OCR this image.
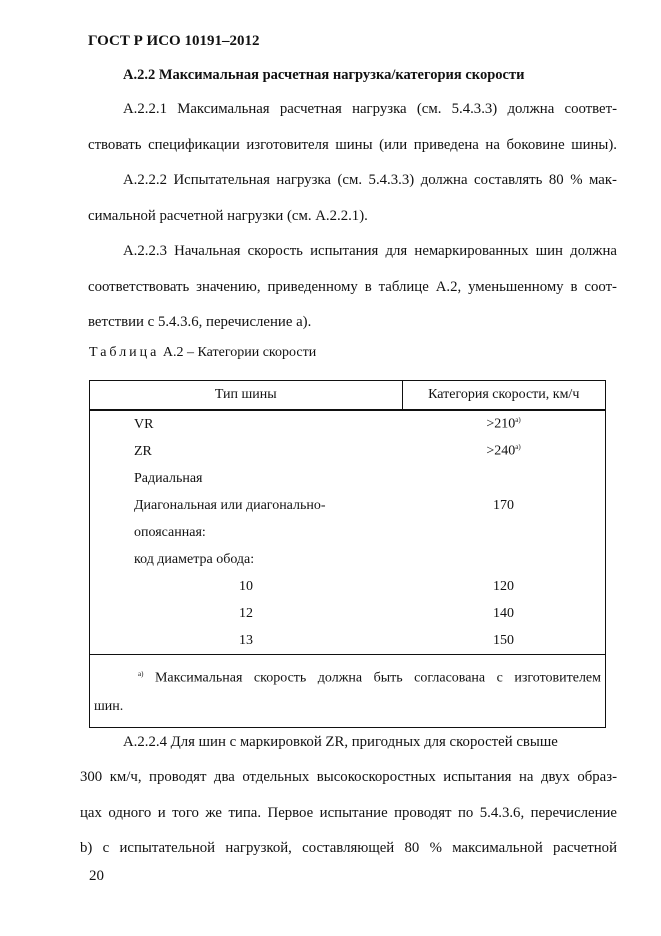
ГОСТ Р ИСО 10191–2012
А.2.2 Максимальная расчетная нагрузка/категория скорости
А.2.2.1 Максимальная расчетная нагрузка (см. 5.4.3.3) должна соответ-
ствовать спецификации изготовителя шины (или приведена на боковине шины).
А.2.2.2 Испытательная нагрузка (см. 5.4.3.3) должна составлять 80 % мак-
симальной расчетной нагрузки (см. А.2.2.1).
А.2.2.3 Начальная скорость испытания для немаркированных шин должна
соответствовать значению, приведенному в таблице А.2, уменьшенному в соот-
ветствии с 5.4.3.6, перечисление а).
Таблица А.2 – Категории скорости
Тип шины	Категория скорости, км/ч
VR	>210$^{a)}$
ZR	>240$^{a)}$
Радиальная	
Диагональная или диагонально-	170
опоясанная:	
код диаметра обода:	
10	120
12	140
13	150

$^{a)}$ Максимальная скорость должна быть согласована с изготовителем
шин.	
А.2.2.4 Для шин с маркировкой ZR, пригодных для скоростей свыше
300 км/ч, проводят два отдельных высокоскоростных испытания на двух образ-
цах одного и того же типа. Первое испытание проводят по 5.4.3.6, перечисление
b) с испытательной нагрузкой, составляющей 80 % максимальной расчетной
20
